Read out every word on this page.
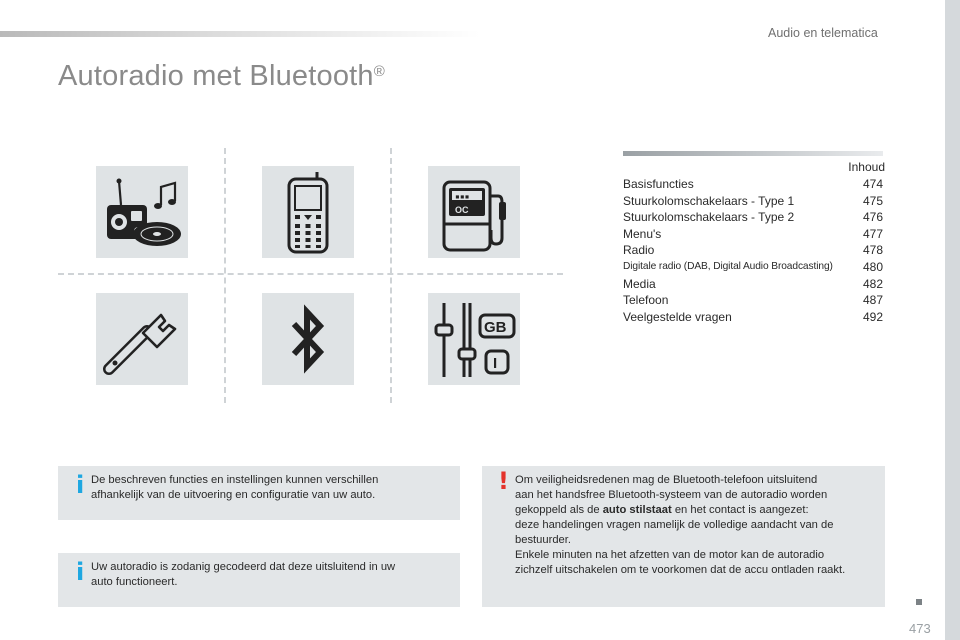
Audio en telematica
Autoradio met Bluetooth®
▪▪▪
OC
GB
I
Inhoud
Basisfuncties	474
Stuurkolomschakelaars - Type 1	475
Stuurkolomschakelaars - Type 2	476
Menu's	477
Radio	478
Digitale radio (DAB, Digital Audio Broadcasting)	480
Media	482
Telefoon	487
Veelgestelde vragen	492
i De beschreven functies en instellingen kunnen verschillen
afhankelijk van de uitvoering en configuratie van uw auto.
i Uw autoradio is zodanig gecodeerd dat deze uitsluitend in uw
auto functioneert.
! Om veiligheidsredenen mag de Bluetooth-telefoon uitsluitend
aan het handsfree Bluetooth-systeem van de autoradio worden
gekoppeld als de auto stilstaat en het contact is aangezet:
deze handelingen vragen namelijk de volledige aandacht van de
bestuurder.
Enkele minuten na het afzetten van de motor kan de autoradio
zichzelf uitschakelen om te voorkomen dat de accu ontladen raakt.
473
